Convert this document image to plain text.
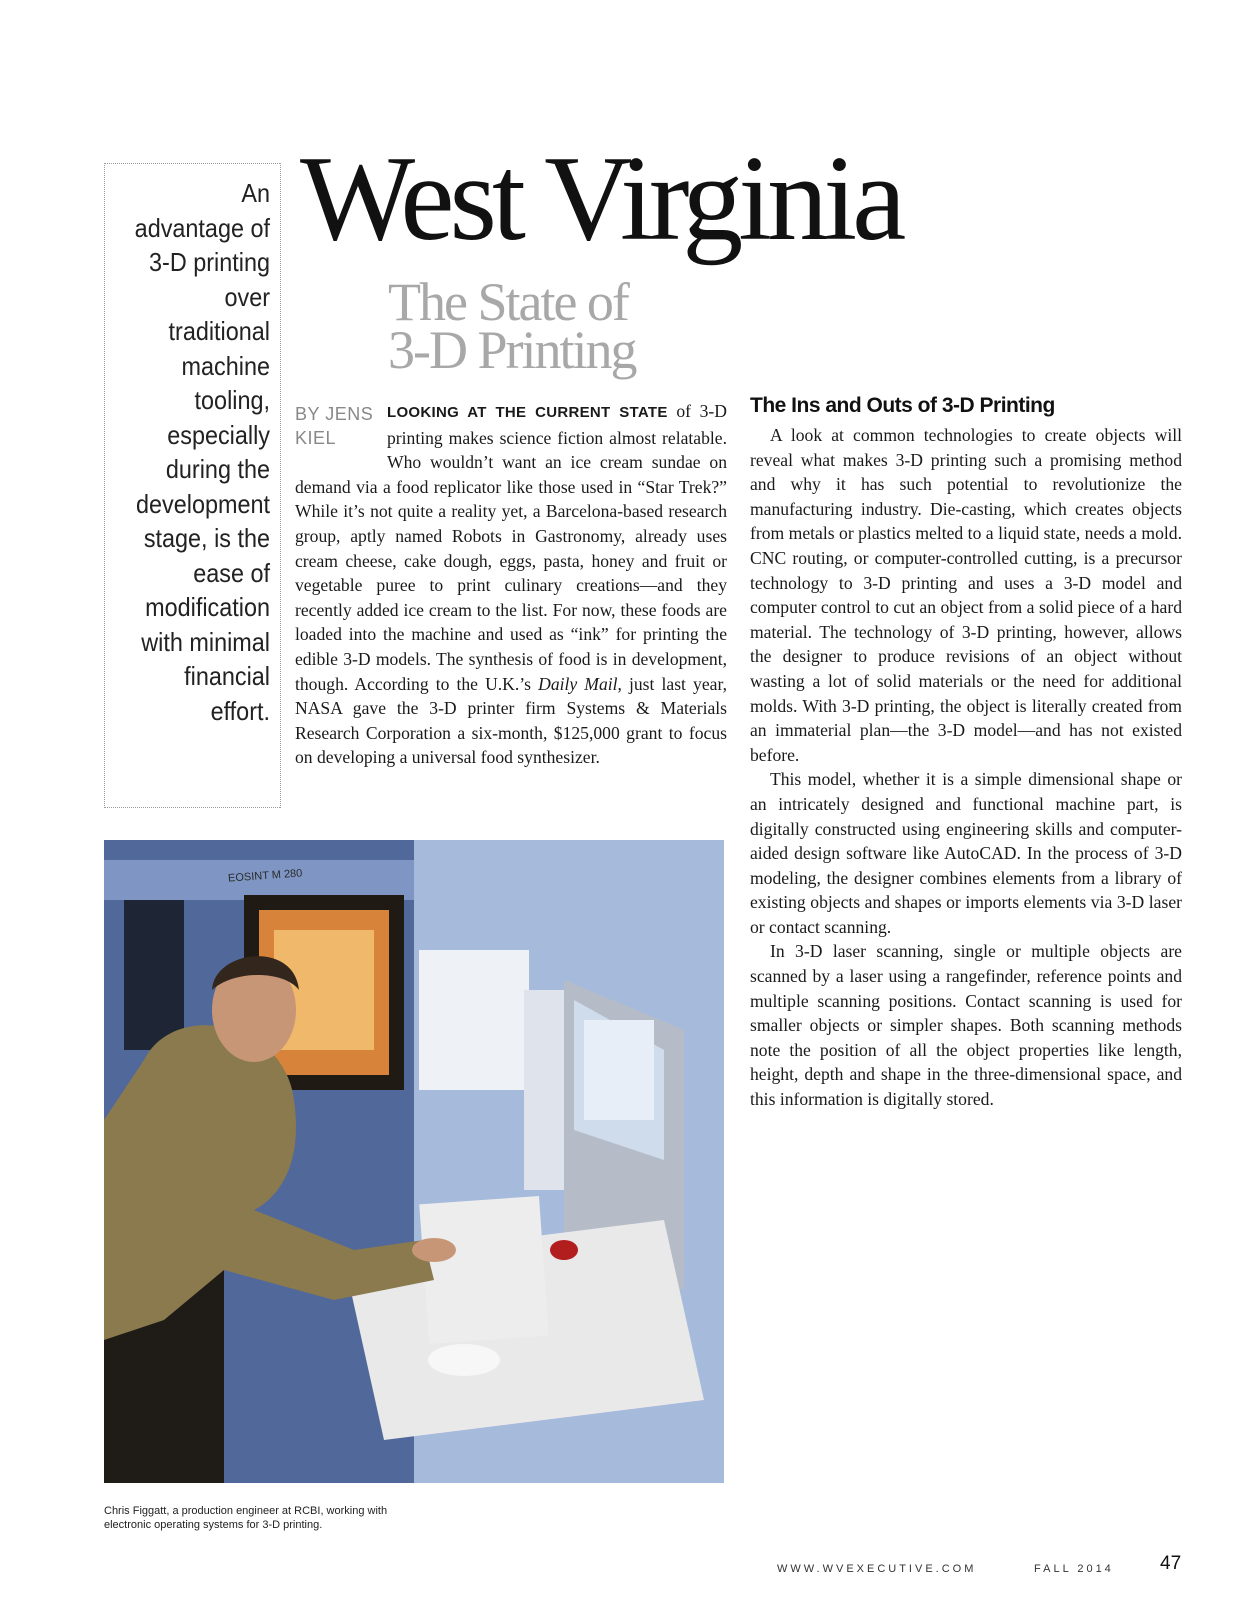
An advantage of 3-D printing over traditional machine tooling, especially during the development stage, is the ease of modification with minimal financial effort.
West Virginia
The State of
3-D Printing
BY JENS
KIEL
LOOKING AT THE CURRENT STATE of 3-D printing makes science fiction almost relatable. Who wouldn’t want an ice cream sundae on demand via a food replicator like those used in “Star Trek?” While it’s not quite a reality yet, a Barcelona-based research group, aptly named Robots in Gastronomy, already uses cream cheese, cake dough, eggs, pasta, honey and fruit or vegetable puree to print culinary creations—and they recently added ice cream to the list. For now, these foods are loaded into the machine and used as “ink” for printing the edible 3-D models. The synthesis of food is in development, though. According to the U.K.’s Daily Mail, just last year, NASA gave the 3-D printer firm Systems & Materials Research Corporation a six-month, $125,000 grant to focus on developing a universal food synthesizer.
The Ins and Outs of 3-D Printing

A look at common technologies to create objects will reveal what makes 3-D printing such a promising method and why it has such potential to revolutionize the manufacturing industry. Die-casting, which creates objects from metals or plastics melted to a liquid state, needs a mold. CNC routing, or computer-controlled cutting, is a precursor technology to 3-D printing and uses a 3-D model and computer control to cut an object from a solid piece of a hard material. The technology of 3-D printing, however, allows the designer to produce revisions of an object without wasting a lot of solid materials or the need for additional molds. With 3-D printing, the object is literally created from an immaterial plan—the 3-D model—and has not existed before.

This model, whether it is a simple dimensional shape or an intricately designed and functional machine part, is digitally constructed using engineering skills and computer-aided design software like AutoCAD. In the process of 3-D modeling, the designer combines elements from a library of existing objects and shapes or imports elements via 3-D laser or contact scanning.

In 3-D laser scanning, single or multiple objects are scanned by a laser using a rangefinder, reference points and multiple scanning positions. Contact scanning is used for smaller objects or simpler shapes. Both scanning methods note the position of all the object properties like length, height, depth and shape in the three-dimensional space, and this information is digitally stored.

EOSINT M 280
Chris Figgatt, a production engineer at RCBI, working with electronic operating systems for 3-D printing.
WWW.WVEXECUTIVE.COM	FALL 2014 47
